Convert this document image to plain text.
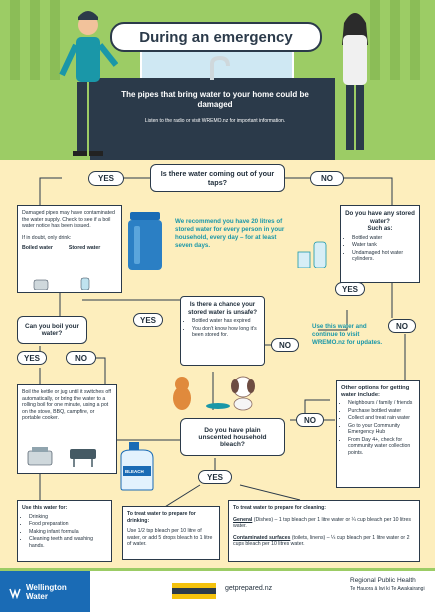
During an emergency
The pipes that bring water to your home could be damaged
Listen to the radio or visit WREMO.nz for important information.
Is there water coming out of your taps?
YES	NO
Damaged pipes may have contaminated the water supply. Check to see if a boil water notice has been issued.
If in doubt, only drink:
Boiled water	Stored water
We recommend you have 20 litres of stored water for every person in your household, every day – for at least seven days.
Do you have any stored water?
Such as:
• Bottled water
• Water tank
• Undamaged hot water cylinders.
YES
NO
Is there a chance your stored water is unsafe?
• Bottled water has expired
• You don't know how long it's been stored for.
YES
NO
Use this water and continue to visit WREMO.nz for updates.
Can you boil your water?
YES	NO
Boil the kettle or jug until it switches off automatically, or bring the water to a rolling boil for one minute, using a pot on the stove, BBQ, campfire, or portable cooker.
Other options for getting water include:
• Neighbours / family / friends
• Purchase bottled water
• Collect and treat rain water
• Go to your Community Emergency Hub
• From Day 4+, check for community water collection points.
Do you have plain unscented household bleach?
NO
YES
BLEACH
Use this water for:
• Drinking
• Food preparation
• Making infant formula
• Cleaning teeth and washing hands.
To treat water to prepare for drinking:
Use 1/2 tsp bleach per 10 litre of water, or add 5 drops bleach to 1 litre of water.
To treat water to prepare for cleaning:
General (Dishes) – 1 tsp bleach per 1 litre water or ¼ cup bleach per 10 litres water.
Contaminated surfaces (toilets, linens) – ¼ cup bleach per 1 litre water or 2 cups bleach per 10 litres water.
Wellington
Water
getprepared.nz
Regional Public Health
Te Hauora ā Iwi ki Te Awakairangi
